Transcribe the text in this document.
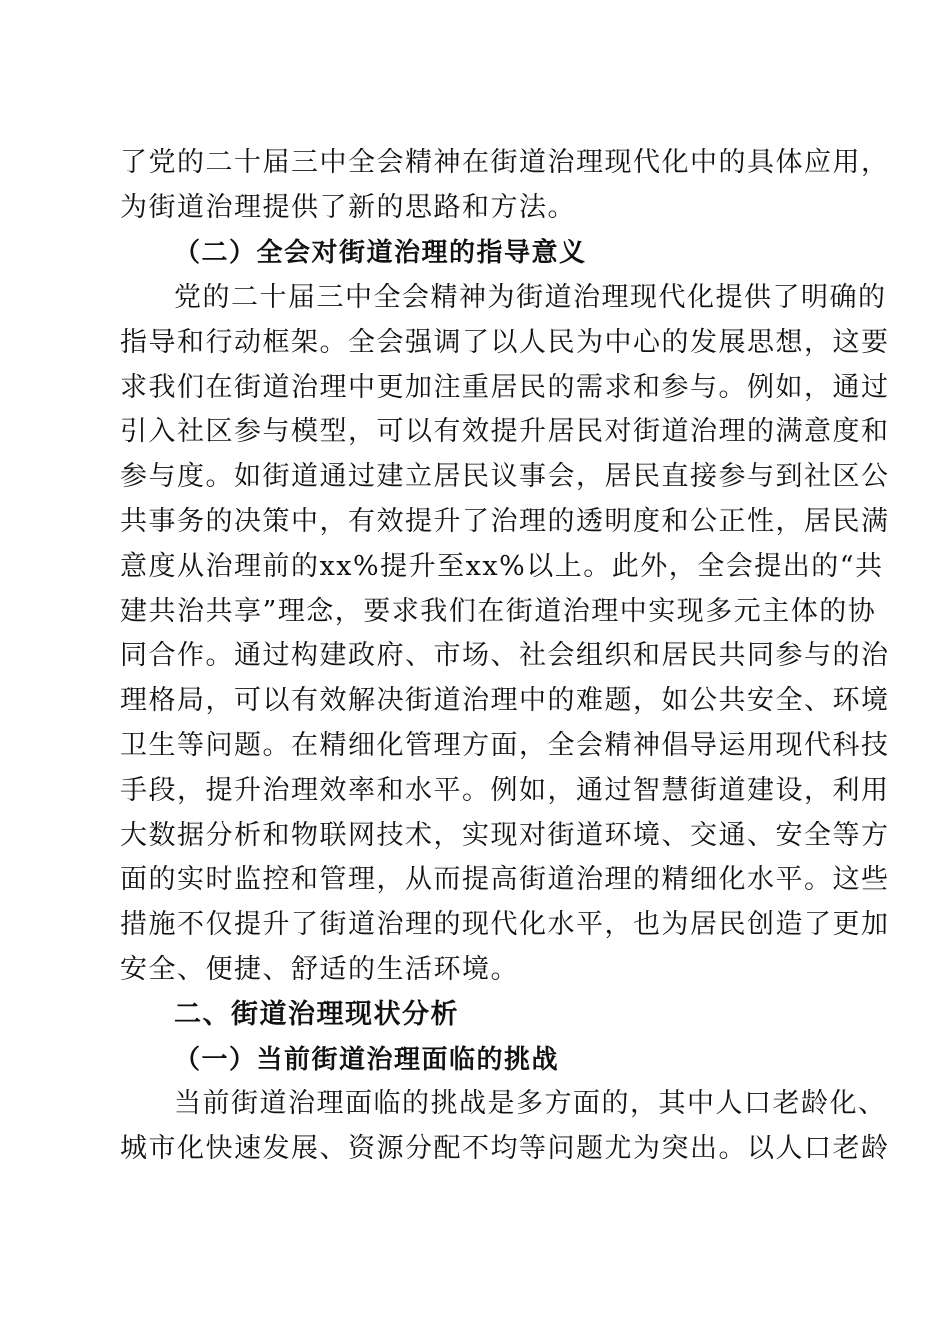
了党的二十届三中全会精神在街道治理现代化中的具体应用，
为街道治理提供了新的思路和方法。
（二）全会对街道治理的指导意义
党的二十届三中全会精神为街道治理现代化提供了明确的
指导和行动框架。全会强调了以人民为中心的发展思想，这要
求我们在街道治理中更加注重居民的需求和参与。例如，通过
引入社区参与模型，可以有效提升居民对街道治理的满意度和
参与度。如街道通过建立居民议事会，居民直接参与到社区公
共事务的决策中，有效提升了治理的透明度和公正性，居民满
意度从治理前的xx%提升至xx%以上。此外，全会提出的“共
建共治共享”理念，要求我们在街道治理中实现多元主体的协
同合作。通过构建政府、市场、社会组织和居民共同参与的治
理格局，可以有效解决街道治理中的难题，如公共安全、环境
卫生等问题。在精细化管理方面，全会精神倡导运用现代科技
手段，提升治理效率和水平。例如，通过智慧街道建设，利用
大数据分析和物联网技术，实现对街道环境、交通、安全等方
面的实时监控和管理，从而提高街道治理的精细化水平。这些
措施不仅提升了街道治理的现代化水平，也为居民创造了更加
安全、便捷、舒适的生活环境。
二、街道治理现状分析
（一）当前街道治理面临的挑战
当前街道治理面临的挑战是多方面的，其中人口老龄化、
城市化快速发展、资源分配不均等问题尤为突出。以人口老龄
